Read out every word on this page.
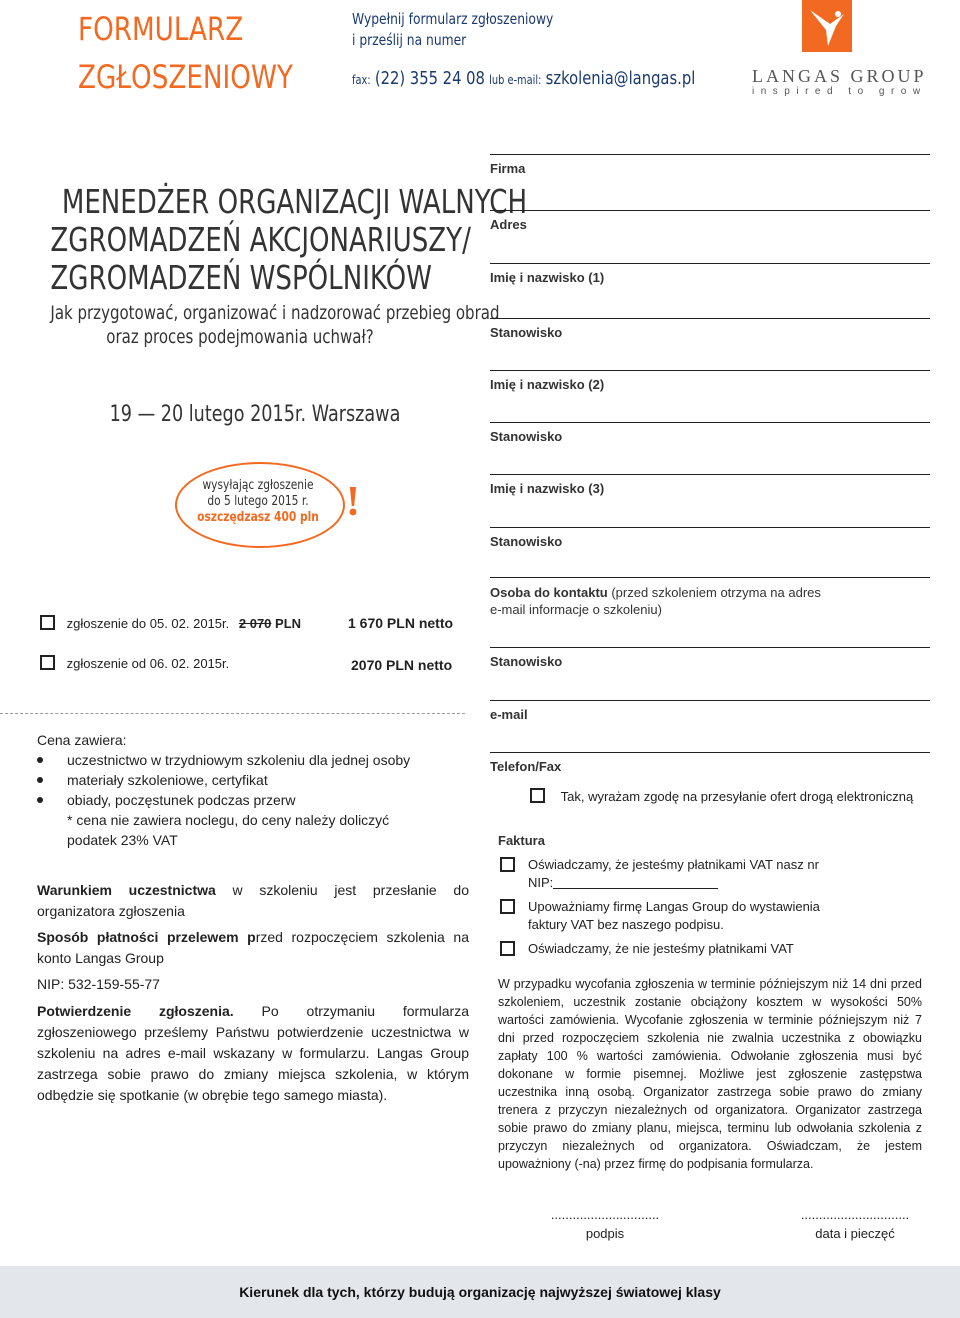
FORMULARZ
ZGŁOSZENIOWY
Wypełnij formularz zgłoszeniowy
i prześlij na numer
fax: (22) 355 24 08 lub e-mail: szkolenia@langas.pl	LANGAS GROUP
inspired to grow
MENEDŻER ORGANIZACJI WALNYCH
ZGROMADZEŃ AKCJONARIUSZY/
ZGROMADZEŃ WSPÓLNIKÓW
Jak przygotować, organizować i nadzorować przebieg obrad
oraz proces podejmowania uchwał?
19 — 20 lutego 2015r. Warszawa
wysyłając zgłoszenie
do 5 lutego 2015 r.
oszczędzasz 400 pln !
zgłoszenie do 05. 02. 2015r. 2 070 PLN	1 670 PLN netto
zgłoszenie od 06. 02. 2015r.	2070 PLN netto
Cena zawiera:
uczestnictwo w trzydniowym szkoleniu dla jednej osoby
materiały szkoleniowe, certyfikat
obiady, poczęstunek podczas przerw
* cena nie zawiera noclegu, do ceny należy doliczyć
podatek 23% VAT
Warunkiem uczestnictwa w szkoleniu jest przesłanie do organizatora zgłoszenia
Sposób płatności przelewem przed rozpoczęciem szkolenia na konto Langas Group
NIP: 532-159-55-77
Potwierdzenie zgłoszenia. Po otrzymaniu formularza zgłoszeniowego prześlemy Państwu potwierdzenie uczestnictwa w szkoleniu na adres e-mail wskazany w formularzu. Langas Group zastrzega sobie prawo do zmiany miejsca szkolenia, w którym odbędzie się spotkanie (w obrębie tego samego miasta).
Firma
Adres
Imię i nazwisko (1)
Stanowisko
Imię i nazwisko (2)
Stanowisko
Imię i nazwisko (3)
Stanowisko
Osoba do kontaktu (przed szkoleniem otrzyma na adres
e-mail informacje o szkoleniu)
Stanowisko
e-mail
Telefon/Fax
Tak, wyrażam zgodę na przesyłanie ofert drogą elektroniczną
Faktura
Oświadczamy, że jesteśmy płatnikami VAT nasz nr
NIP:
Upoważniamy firmę Langas Group do wystawienia
faktury VAT bez naszego podpisu.
Oświadczamy, że nie jesteśmy płatnikami VAT
W przypadku wycofania zgłoszenia w terminie późniejszym niż 14 dni przed szkoleniem, uczestnik zostanie obciążony kosztem w wysokości 50% wartości zamówienia. Wycofanie zgłoszenia w terminie późniejszym niż 7 dni przed rozpoczęciem szkolenia nie zwalnia uczestnika z obowiązku zapłaty 100 % wartości zamówienia. Odwołanie zgłoszenia musi być dokonane w formie pisemnej. Możliwe jest zgłoszenie zastępstwa uczestnika inną osobą. Organizator zastrzega sobie prawo do zmiany trenera z przyczyn niezależnych od organizatora. Organizator zastrzega sobie prawo do zmiany planu, miejsca, terminu lub odwołania szkolenia z przyczyn niezależnych od organizatora. Oświadczam, że jestem upoważniony (-na) przez firmę do podpisania formularza.
..............................
podpis
..............................
data i pieczęć
Kierunek dla tych, którzy budują organizację najwyższej światowej klasy
